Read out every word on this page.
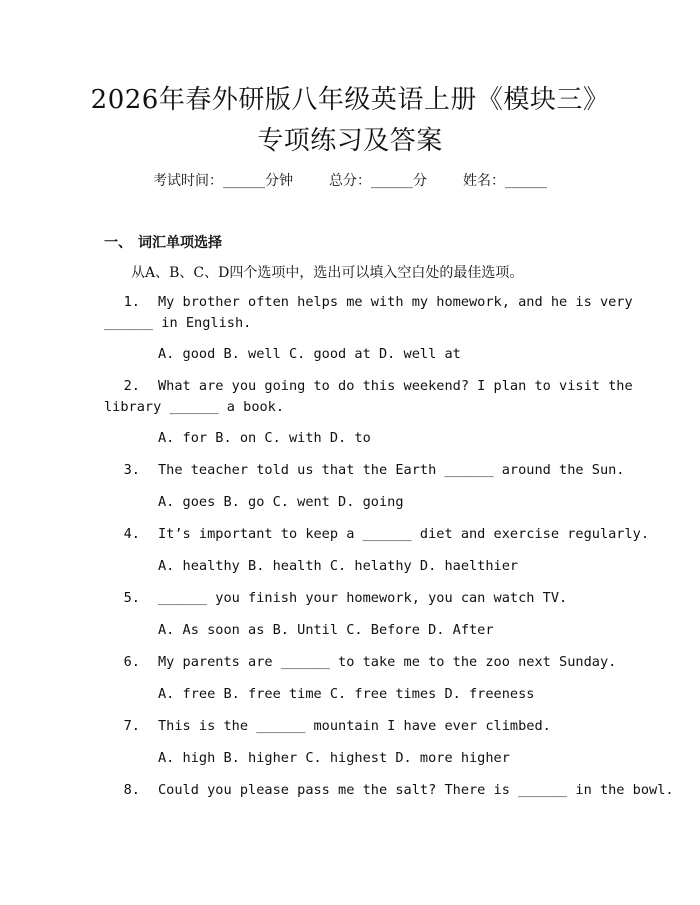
2026年春外研版八年级英语上册《模块三》
专项练习及答案
考试时间：______分钟	总分：______分	姓名：______
一、 词汇单项选择
从A、B、C、D四个选项中，选出可以填入空白处的最佳选项。
1. My brother often helps me with my homework, and he is very
______ in English.
A. good B. well C. good at D. well at
2. What are you going to do this weekend? I plan to visit the
library ______ a book.
A. for B. on C. with D. to
3. The teacher told us that the Earth ______ around the Sun.
A. goes B. go C. went D. going
4. It’s important to keep a ______ diet and exercise regularly.
A. healthy B. health C. helathy D. haelthier
5. ______ you finish your homework, you can watch TV.
A. As soon as B. Until C. Before D. After
6. My parents are ______ to take me to the zoo next Sunday.
A. free B. free time C. free times D. freeness
7. This is the ______ mountain I have ever climbed.
A. high B. higher C. highest D. more higher
8. Could you please pass me the salt? There is ______ in the bowl.
